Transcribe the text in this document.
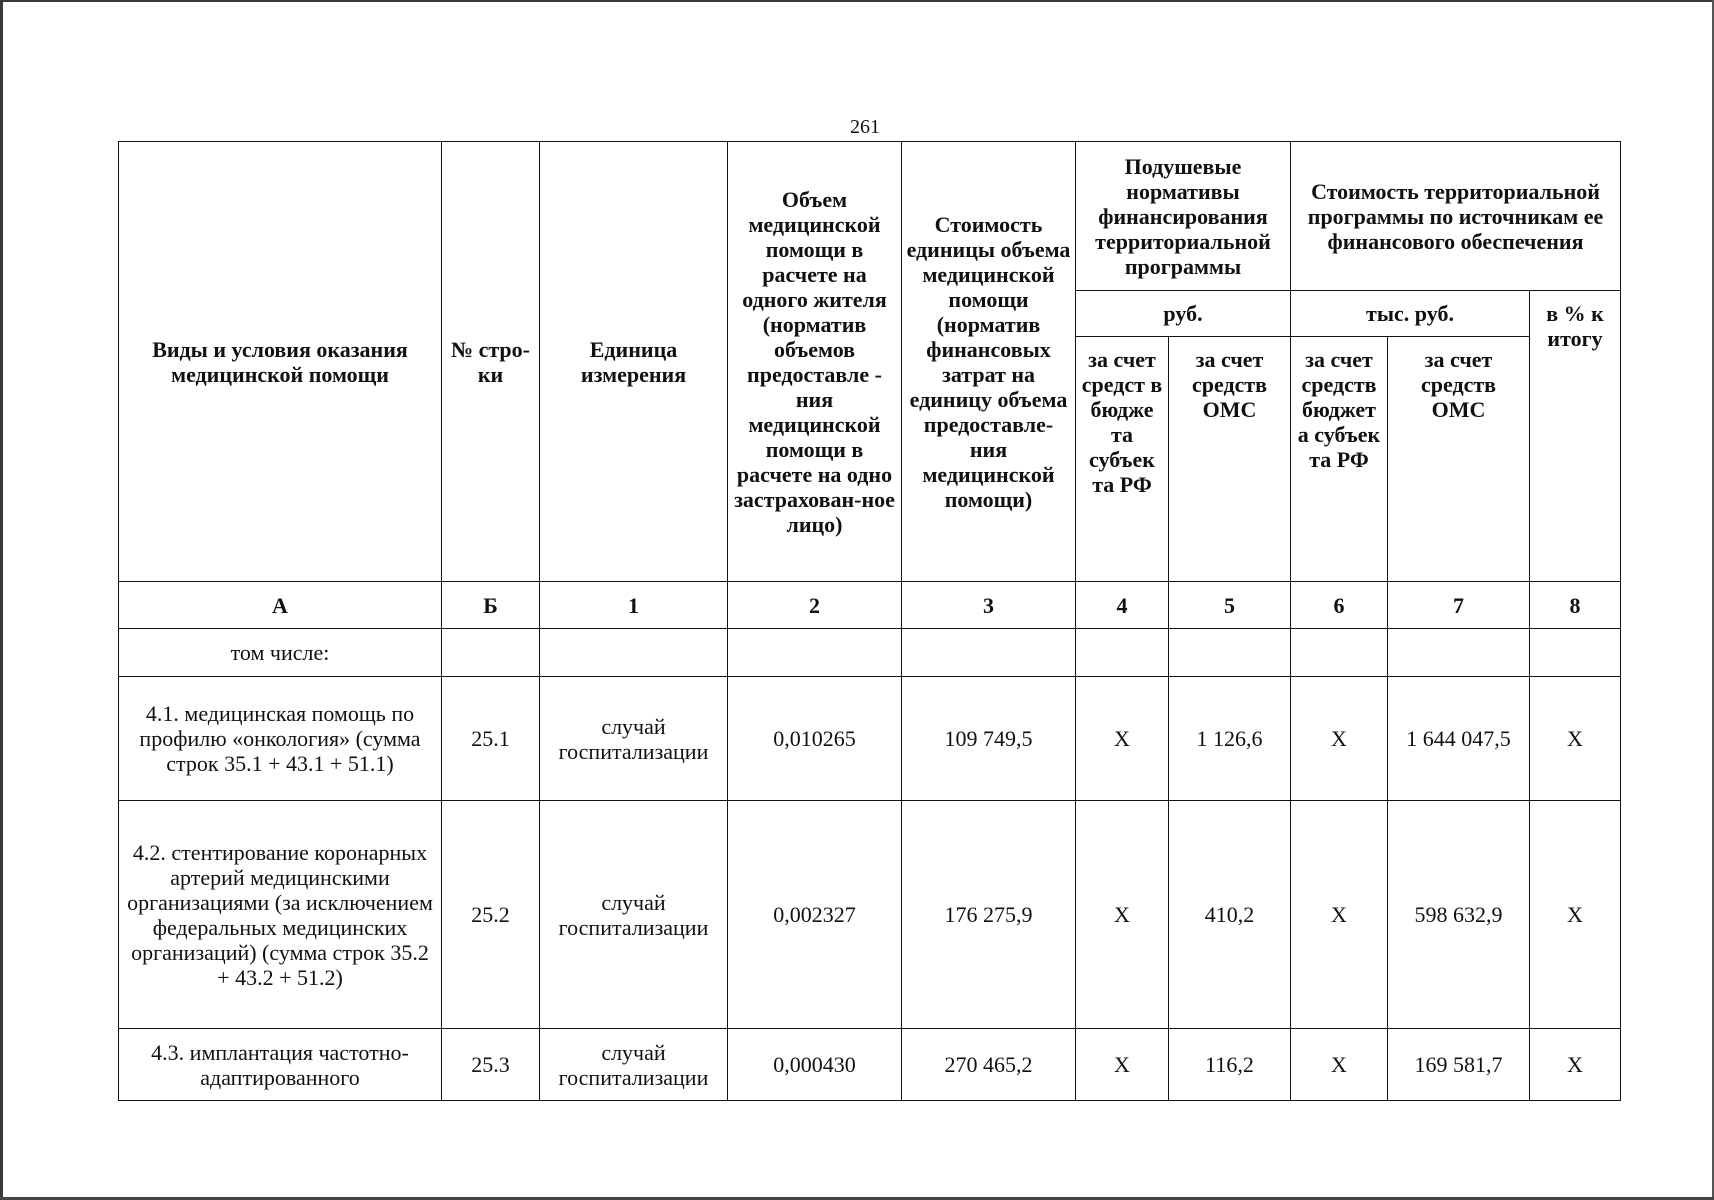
261
Виды и условия оказания медицинской помощи	№ стро-ки	Единица измерения	Объем медицинской помощи в расчете на одного жителя (норматив объемов предоставле - ния медицинской помощи в расчете на одно застрахован-ное лицо)	Стоимость единицы объема медицинской помощи (норматив финансовых затрат на единицу объема предоставле-ния медицинской помощи)	Подушевые нормативы финансирования территориальной программы		Стоимость территориальной программы по источникам ее финансового обеспечения		
					руб.		тыс. руб.		в % к итогу
					за счет средст в бюдже та субъек та РФ	за счет средств ОМС	за счет средств бюджет а субъек та РФ	за счет средств ОМС	
А	Б	1	2	3	4	5	6	7	8
том числе:									
4.1. медицинская помощь по профилю «онкология» (сумма строк 35.1 + 43.1 + 51.1)	25.1	случай госпитализации	0,010265	109 749,5	X	1 126,6	X	1 644 047,5	X
4.2. стентирование коронарных артерий медицинскими организациями (за исключением федеральных медицинских организаций) (сумма строк 35.2 + 43.2 + 51.2)	25.2	случай госпитализации	0,002327	176 275,9	X	410,2	X	598 632,9	X
4.3. имплантация частотно-адаптированного	25.3	случай госпитализации	0,000430	270 465,2	X	116,2	X	169 581,7	X
